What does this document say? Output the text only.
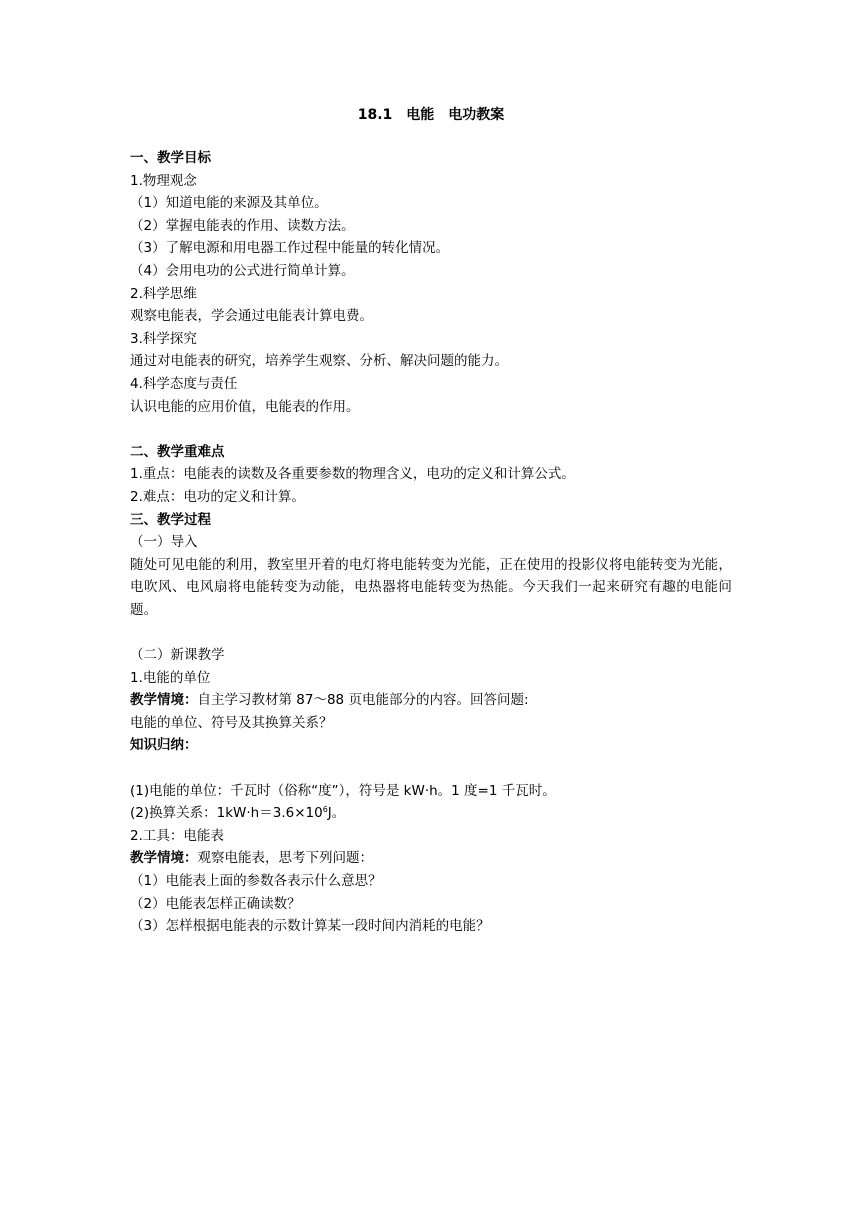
18.1　电能　电功教案
一、教学目标
1.物理观念
（1）知道电能的来源及其单位。
（2）掌握电能表的作用、读数方法。
（3）了解电源和用电器工作过程中能量的转化情况。
（4）会用电功的公式进行简单计算。
2.科学思维
观察电能表，学会通过电能表计算电费。
3.科学探究
通过对电能表的研究，培养学生观察、分析、解决问题的能力。
4.科学态度与责任
认识电能的应用价值，电能表的作用。
二、教学重难点
1.重点：电能表的读数及各重要参数的物理含义，电功的定义和计算公式。
2.难点：电功的定义和计算。
三、教学过程
（一）导入
随处可见电能的利用，教室里开着的电灯将电能转变为光能，正在使用的投影仪将电能转变为光能，电吹风、电风扇将电能转变为动能，电热器将电能转变为热能。今天我们一起来研究有趣的电能问题。
（二）新课教学
1.电能的单位
教学情境：自主学习教材第 87～88 页电能部分的内容。回答问题:
电能的单位、符号及其换算关系？
知识归纳：
(1)电能的单位：千瓦时（俗称“度”），符号是 kW·h。1 度=1 千瓦时。
(2)换算关系：$1kW\cdot h=3.6\times 10^6J$。
2.工具：电能表
教学情境：观察电能表，思考下列问题：
（1）电能表上面的参数各表示什么意思？
（2）电能表怎样正确读数？
（3）怎样根据电能表的示数计算某一段时间内消耗的电能？
